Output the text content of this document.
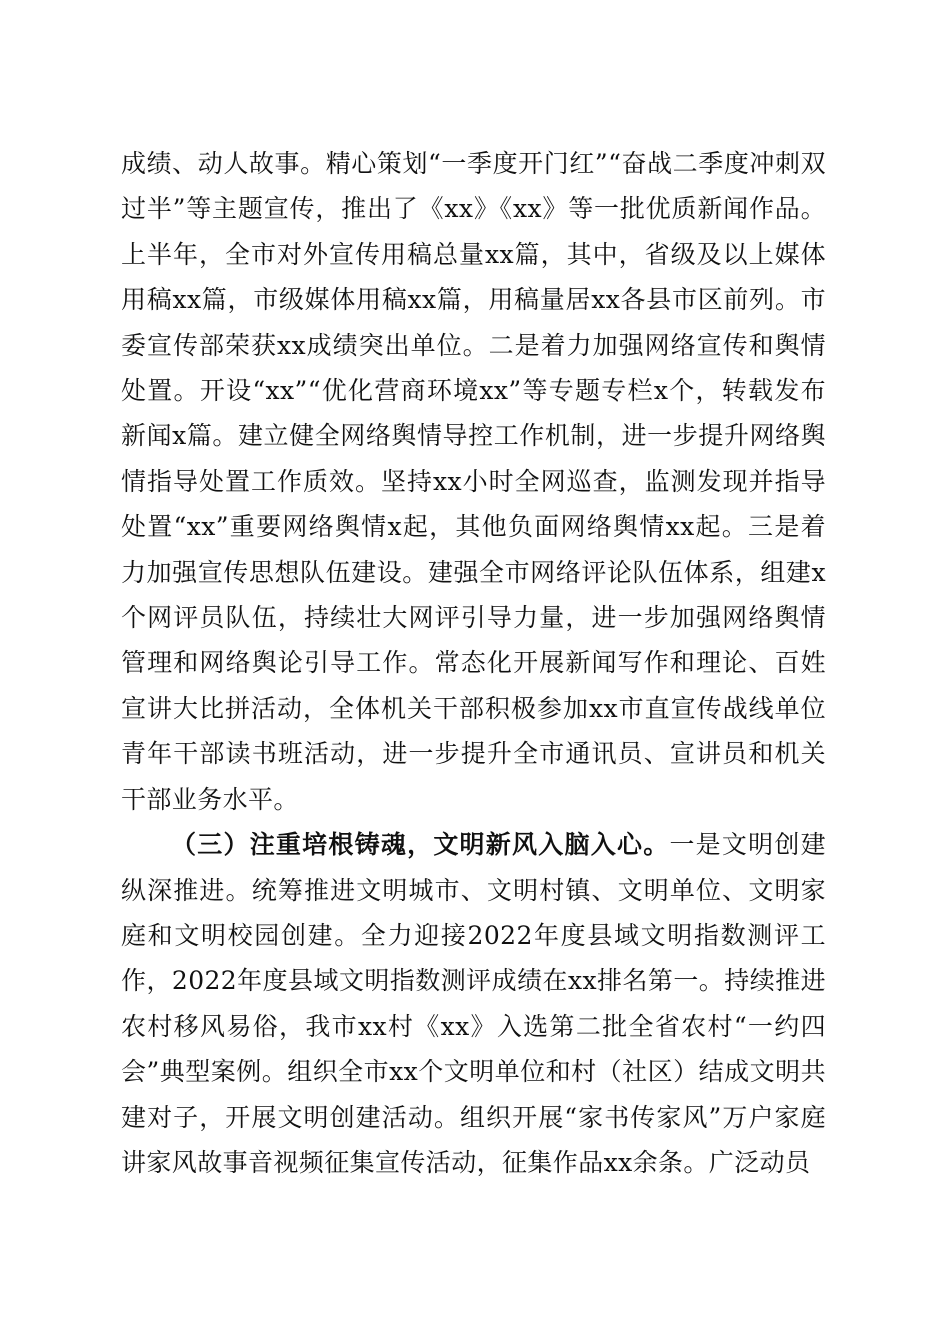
成绩、动人故事。精心策划“一季度开门红”“奋战二季度冲刺双过半”等主题宣传，推出了《xx》《xx》等一批优质新闻作品。上半年，全市对外宣传用稿总量xx篇，其中，省级及以上媒体用稿xx篇，市级媒体用稿xx篇，用稿量居xx各县市区前列。市委宣传部荣获xx成绩突出单位。二是着力加强网络宣传和舆情处置。开设“xx”“优化营商环境xx”等专题专栏x个，转载发布新闻x篇。建立健全网络舆情导控工作机制，进一步提升网络舆情指导处置工作质效。坚持xx小时全网巡查，监测发现并指导处置“xx”重要网络舆情x起，其他负面网络舆情xx起。三是着力加强宣传思想队伍建设。建强全市网络评论队伍体系，组建x个网评员队伍，持续壮大网评引导力量，进一步加强网络舆情管理和网络舆论引导工作。常态化开展新闻写作和理论、百姓宣讲大比拼活动，全体机关干部积极参加xx市直宣传战线单位青年干部读书班活动，进一步提升全市通讯员、宣讲员和机关干部业务水平。

（三）注重培根铸魂，文明新风入脑入心。一是文明创建纵深推进。统筹推进文明城市、文明村镇、文明单位、文明家庭和文明校园创建。全力迎接2022年度县域文明指数测评工作，2022年度县域文明指数测评成绩在xx排名第一。持续推进农村移风易俗，我市xx村《xx》入选第二批全省农村“一约四会”典型案例。组织全市xx个文明单位和村（社区）结成文明共建对子，开展文明创建活动。组织开展“家书传家风”万户家庭讲家风故事音视频征集宣传活动，征集作品xx余条。广泛动员
